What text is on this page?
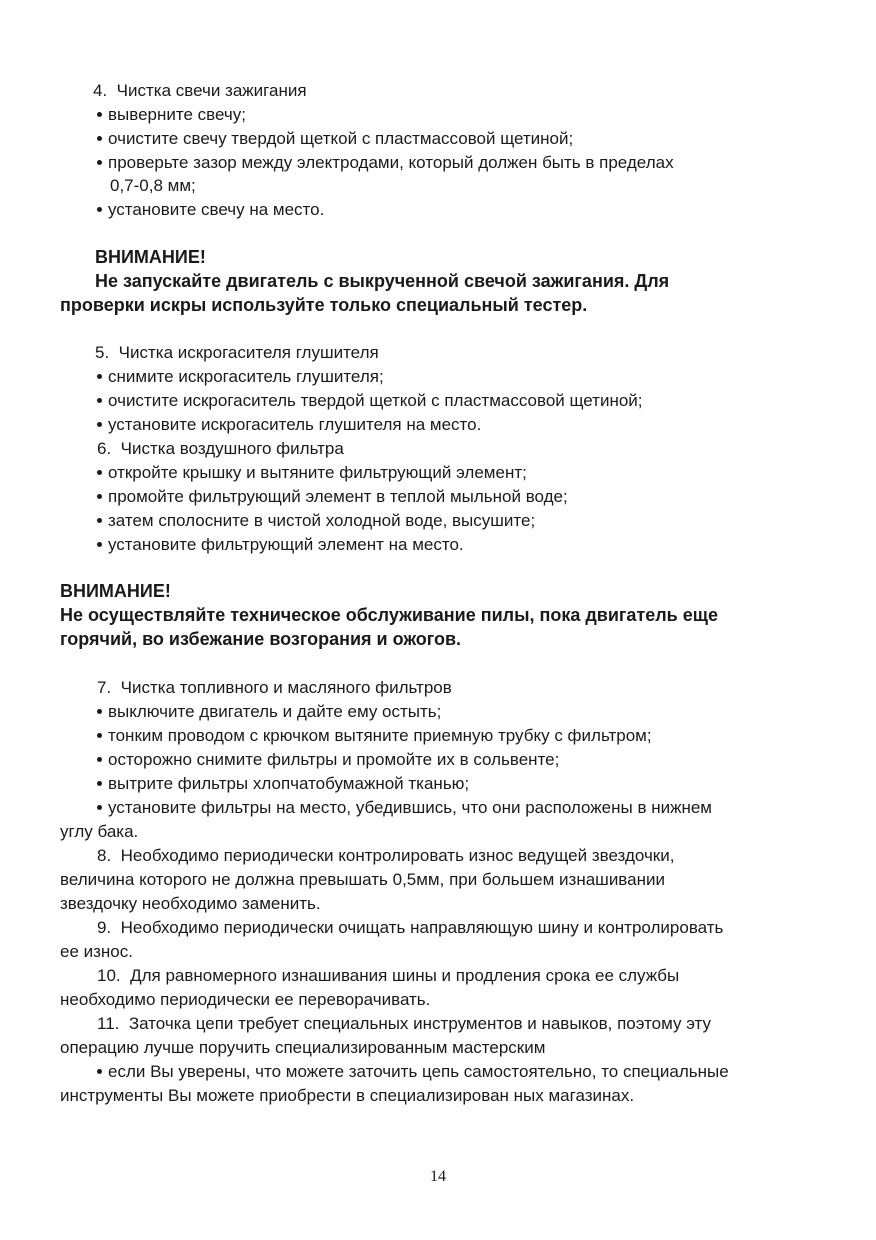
4. Чистка свечи зажигания
выверните свечу;
очистите свечу твердой щеткой с пластмассовой щетиной;
проверьте зазор между электродами, который должен быть в пределах
0,7-0,8 мм;
установите свечу на место.
ВНИМАНИЕ!
Не запускайте двигатель с выкрученной свечой зажигания. Для
проверки искры используйте только специальный тестер.
5. Чистка искрогасителя глушителя
снимите искрогаситель глушителя;
очистите искрогаситель твердой щеткой с пластмассовой щетиной;
установите искрогаситель глушителя на место.
6. Чистка воздушного фильтра
откройте крышку и вытяните фильтрующий элемент;
промойте фильтрующий элемент в теплой мыльной воде;
затем сполосните в чистой холодной воде, высушите;
установите фильтрующий элемент на место.
ВНИМАНИЕ!
Не осуществляйте техническое обслуживание пилы, пока двигатель еще
горячий, во избежание возгорания и ожогов.
7. Чистка топливного и масляного фильтров
выключите двигатель и дайте ему остыть;
тонким проводом с крючком вытяните приемную трубку с фильтром;
осторожно снимите фильтры и промойте их в сольвенте;
вытрите фильтры хлопчатобумажной тканью;
установите фильтры на место, убедившись, что они расположены в нижнем
углу бака.
8. Необходимо периодически контролировать износ ведущей звездочки,
величина которого не должна превышать 0,5мм, при большем изнашивании
звездочку необходимо заменить.
9. Необходимо периодически очищать направляющую шину и контролировать
ее износ.
10. Для равномерного изнашивания шины и продления срока ее службы
необходимо периодически ее переворачивать.
11. Заточка цепи требует специальных инструментов и навыков, поэтому эту
операцию лучше поручить специализированным мастерским
если Вы уверены, что можете заточить цепь самостоятельно, то специальные
инструменты Вы можете приобрести в специализирован ных магазинах.
14
